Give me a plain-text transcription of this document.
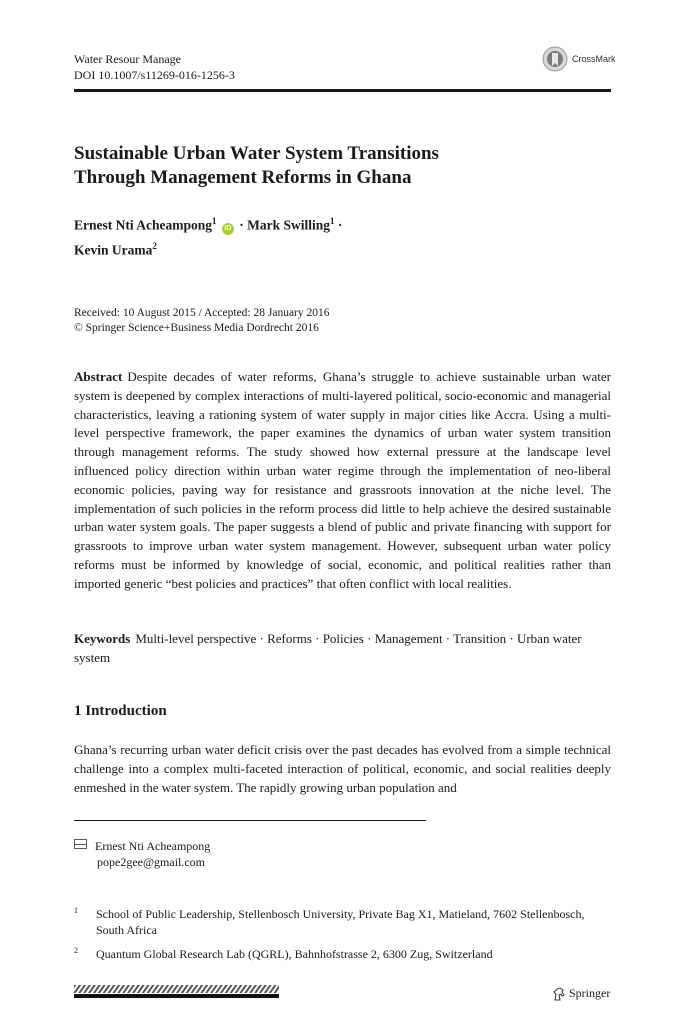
Water Resour Manage
DOI 10.1007/s11269-016-1256-3
CrossMark
Sustainable Urban Water System Transitions
Through Management Reforms in Ghana
Ernest Nti Acheampong$^1$ iD · Mark Swilling$^1$ ·
Kevin Urama$^2$
Received: 10 August 2015 / Accepted: 28 January 2016
© Springer Science+Business Media Dordrecht 2016
Abstract Despite decades of water reforms, Ghana’s struggle to achieve sustainable urban water system is deepened by complex interactions of multi-layered political, socio-economic and managerial characteristics, leaving a rationing system of water supply in major cities like Accra. Using a multi-level perspective framework, the paper examines the dynamics of urban water system transition through management reforms. The study showed how external pressure at the landscape level influenced policy direction within urban water regime through the implementation of neo-liberal economic policies, paving way for resistance and grassroots innovation at the niche level. The implementation of such policies in the reform process did little to help achieve the desired sustainable urban water system goals. The paper suggests a blend of public and private financing with support for grassroots to improve urban water system management. However, subsequent urban water policy reforms must be informed by knowledge of social, economic, and political realities rather than imported generic “best policies and practices” that often conflict with local realities.
Keywords Multi-level perspective · Reforms · Policies · Management · Transition · Urban water system
1 Introduction
Ghana’s recurring urban water deficit crisis over the past decades has evolved from a simple technical challenge into a complex multi-faceted interaction of political, economic, and social realities deeply enmeshed in the water system. The rapidly growing urban population and
Ernest Nti Acheampong
pope2gee@gmail.com
1 School of Public Leadership, Stellenbosch University, Private Bag X1, Matieland, 7602 Stellenbosch, South Africa
2 Quantum Global Research Lab (QGRL), Bahnhofstrasse 2, 6300 Zug, Switzerland
Springer
